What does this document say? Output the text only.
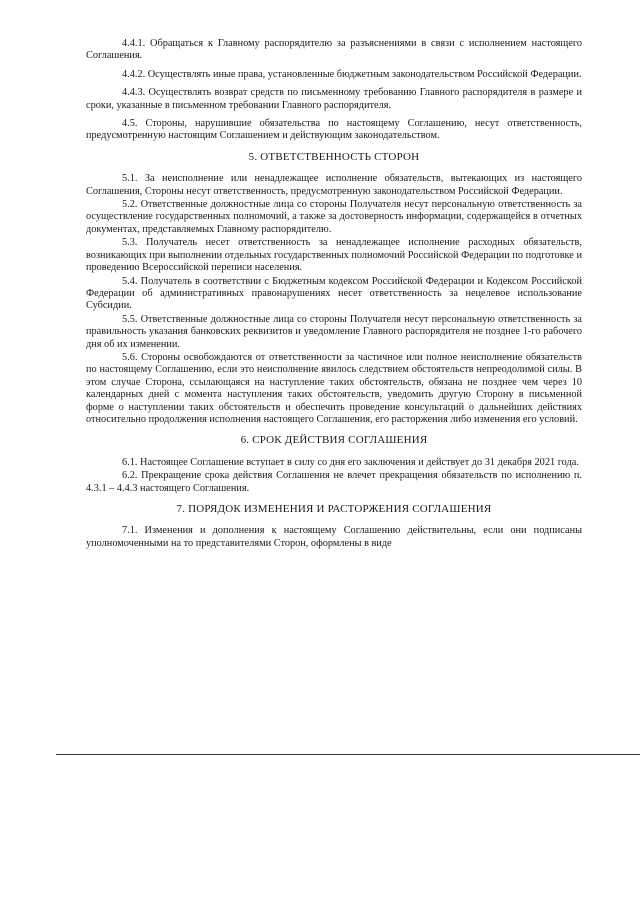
4.4.1. Обращаться к Главному распорядителю за разъяснениями в связи с исполнением настоящего Соглашения.

4.4.2. Осуществлять иные права, установленные бюджетным законодательством Российской Федерации.

4.4.3. Осуществлять возврат средств по письменному требованию Главного распорядителя в размере и сроки, указанные в письменном требовании Главного распорядителя.

4.5. Стороны, нарушившие обязательства по настоящему Соглашению, несут ответственность, предусмотренную настоящим Соглашением и действующим законодательством.

5. ОТВЕТСТВЕННОСТЬ СТОРОН

5.1. За неисполнение или ненадлежащее исполнение обязательств, вытекающих из настоящего Соглашения, Стороны несут ответственность, предусмотренную законодательством Российской Федерации.

5.2. Ответственные должностные лица со стороны Получателя несут персональную ответственность за осуществление государственных полномочий, а также за достоверность информации, содержащейся в отчетных документах, представляемых Главному распорядителю.

5.3. Получатель несет ответственность за ненадлежащее исполнение расходных обязательств, возникающих при выполнении отдельных государственных полномочий Российской Федерации по подготовке и проведению Всероссийской переписи населения.

5.4. Получатель в соответствии с Бюджетным кодексом Российской Федерации и Кодексом Российской Федерации об административных правонарушениях несет ответственность за нецелевое использование Субсидии.

5.5. Ответственные должностные лица со стороны Получателя несут персональную ответственность за правильность указания банковских реквизитов и уведомление Главного распорядителя не позднее 1-го рабочего дня об их изменении.

5.6. Стороны освобождаются от ответственности за частичное или полное неисполнение обязательств по настоящему Соглашению, если это неисполнение явилось следствием обстоятельств непреодолимой силы. В этом случае Сторона, ссылающаяся на наступление таких обстоятельств, обязана не позднее чем через 10 календарных дней с момента наступления таких обстоятельств, уведомить другую Сторону в письменной форме о наступлении таких обстоятельств и обеспечить проведение консультаций о дальнейших действиях относительно продолжения исполнения настоящего Соглашения, его расторжения либо изменения его условий.

6. СРОК ДЕЙСТВИЯ СОГЛАШЕНИЯ

6.1. Настоящее Соглашение вступает в силу со дня его заключения и действует до 31 декабря 2021 года.

6.2. Прекращение срока действия Соглашения не влечет прекращения обязательств по исполнению п. 4.3.1 – 4.4.3 настоящего Соглашения.

7. ПОРЯДОК ИЗМЕНЕНИЯ И РАСТОРЖЕНИЯ СОГЛАШЕНИЯ

7.1. Изменения и дополнения к настоящему Соглашению действительны, если они подписаны уполномоченными на то представителями Сторон, оформлены в виде
